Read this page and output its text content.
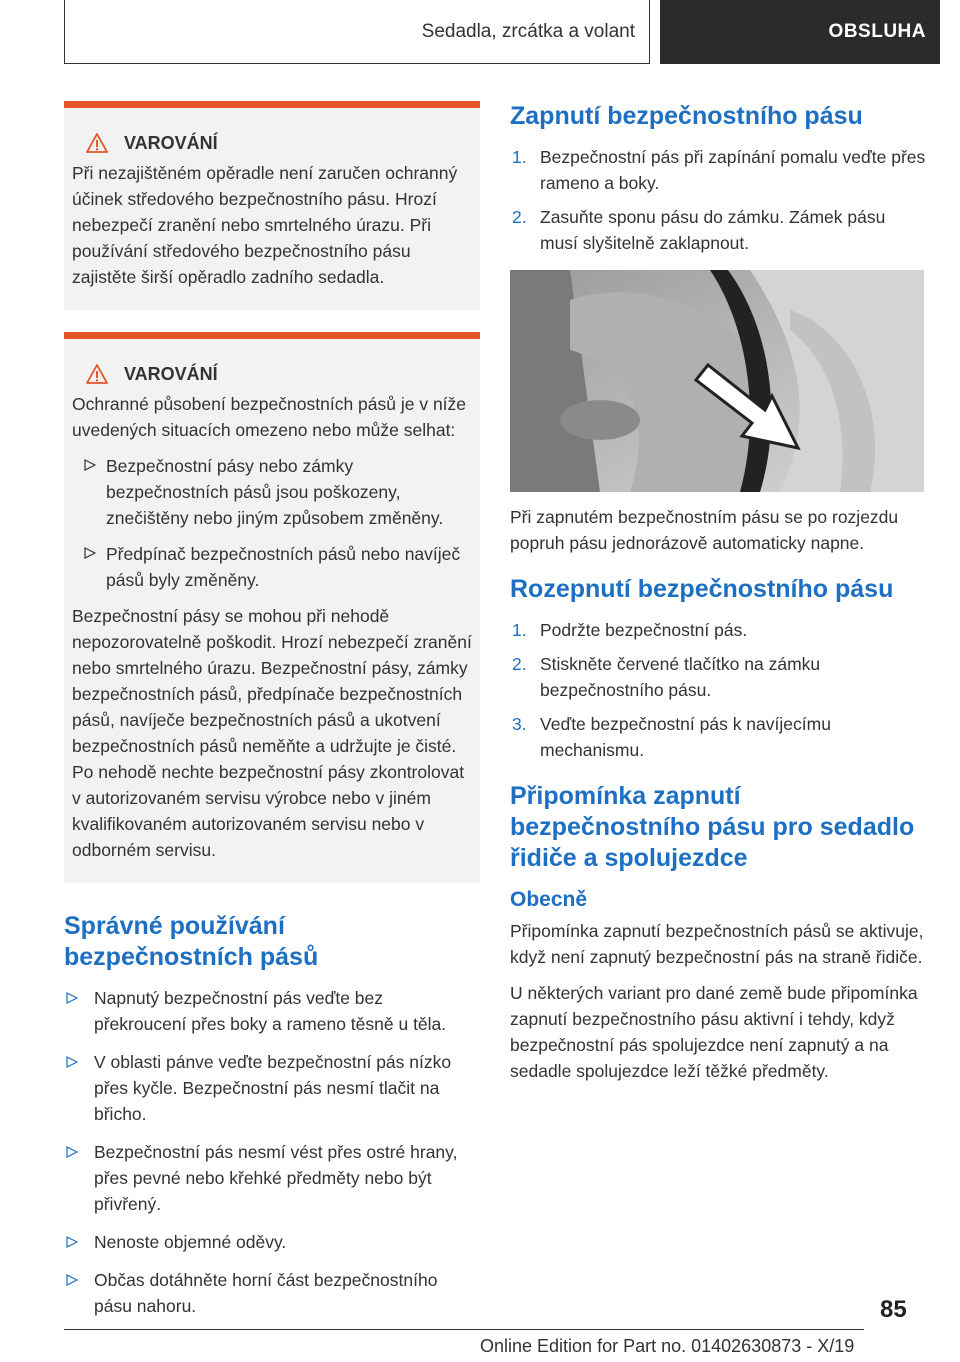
Sedadla, zrcátka a volant	OBSLUHA
VAROVÁNÍ

Při nezajištěném opěradle není zaručen ochranný účinek středového bezpečnostního pásu. Hrozí nebezpečí zranění nebo smrtelného úrazu. Při používání středového bezpečnostního pásu zajistěte širší opěradlo zadního sedadla.

VAROVÁNÍ

Ochranné působení bezpečnostních pásů je v níže uvedených situacích omezeno nebo může selhat:

Bezpečnostní pásy nebo zámky bezpečnostních pásů jsou poškozeny, znečištěny nebo jiným způsobem změněny.
Předpínač bezpečnostních pásů nebo navíječ pásů byly změněny.

Bezpečnostní pásy se mohou při nehodě nepozorovatelně poškodit. Hrozí nebezpečí zranění nebo smrtelného úrazu. Bezpečnostní pásy, zámky bezpečnostních pásů, předpínače bezpečnostních pásů, navíječe bezpečnostních pásů a ukotvení bezpečnostních pásů neměňte a udržujte je čisté. Po nehodě nechte bezpečnostní pásy zkontrolovat v autorizovaném servisu výrobce nebo v jiném kvalifikovaném autorizovaném servisu nebo v odborném servisu.

Správné používání bezpečnostních pásů
Napnutý bezpečnostní pás veďte bez překroucení přes boky a rameno těsně u těla.
V oblasti pánve veďte bezpečnostní pás nízko přes kyčle. Bezpečnostní pás nesmí tlačit na břicho.
Bezpečnostní pás nesmí vést přes ostré hrany, přes pevné nebo křehké předměty nebo být přivřený.
Nenoste objemné oděvy.
Občas dotáhněte horní část bezpečnostního pásu nahoru.
Zapnutí bezpečnostního pásu
1. Bezpečnostní pás při zapínání pomalu veďte přes rameno a boky.
2. Zasuňte sponu pásu do zámku. Zámek pásu musí slyšitelně zaklapnout.

Při zapnutém bezpečnostním pásu se po rozjezdu popruh pásu jednorázově automaticky napne.

Rozepnutí bezpečnostního pásu
1. Podržte bezpečnostní pás.
2. Stiskněte červené tlačítko na zámku bezpečnostního pásu.
3. Veďte bezpečnostní pás k navíjecímu mechanismu.
Připomínka zapnutí bezpečnostního pásu pro sedadlo řidiče a spolujezdce
Obecně

Připomínka zapnutí bezpečnostních pásů se aktivuje, když není zapnutý bezpečnostní pás na straně řidiče.

U některých variant pro dané země bude připomínka zapnutí bezpečnostního pásu aktivní i tehdy, když bezpečnostní pás spolujezdce není zapnutý a na sedadle spolujezdce leží těžké předměty.

85
Online Edition for Part no. 01402630873 - X/19
